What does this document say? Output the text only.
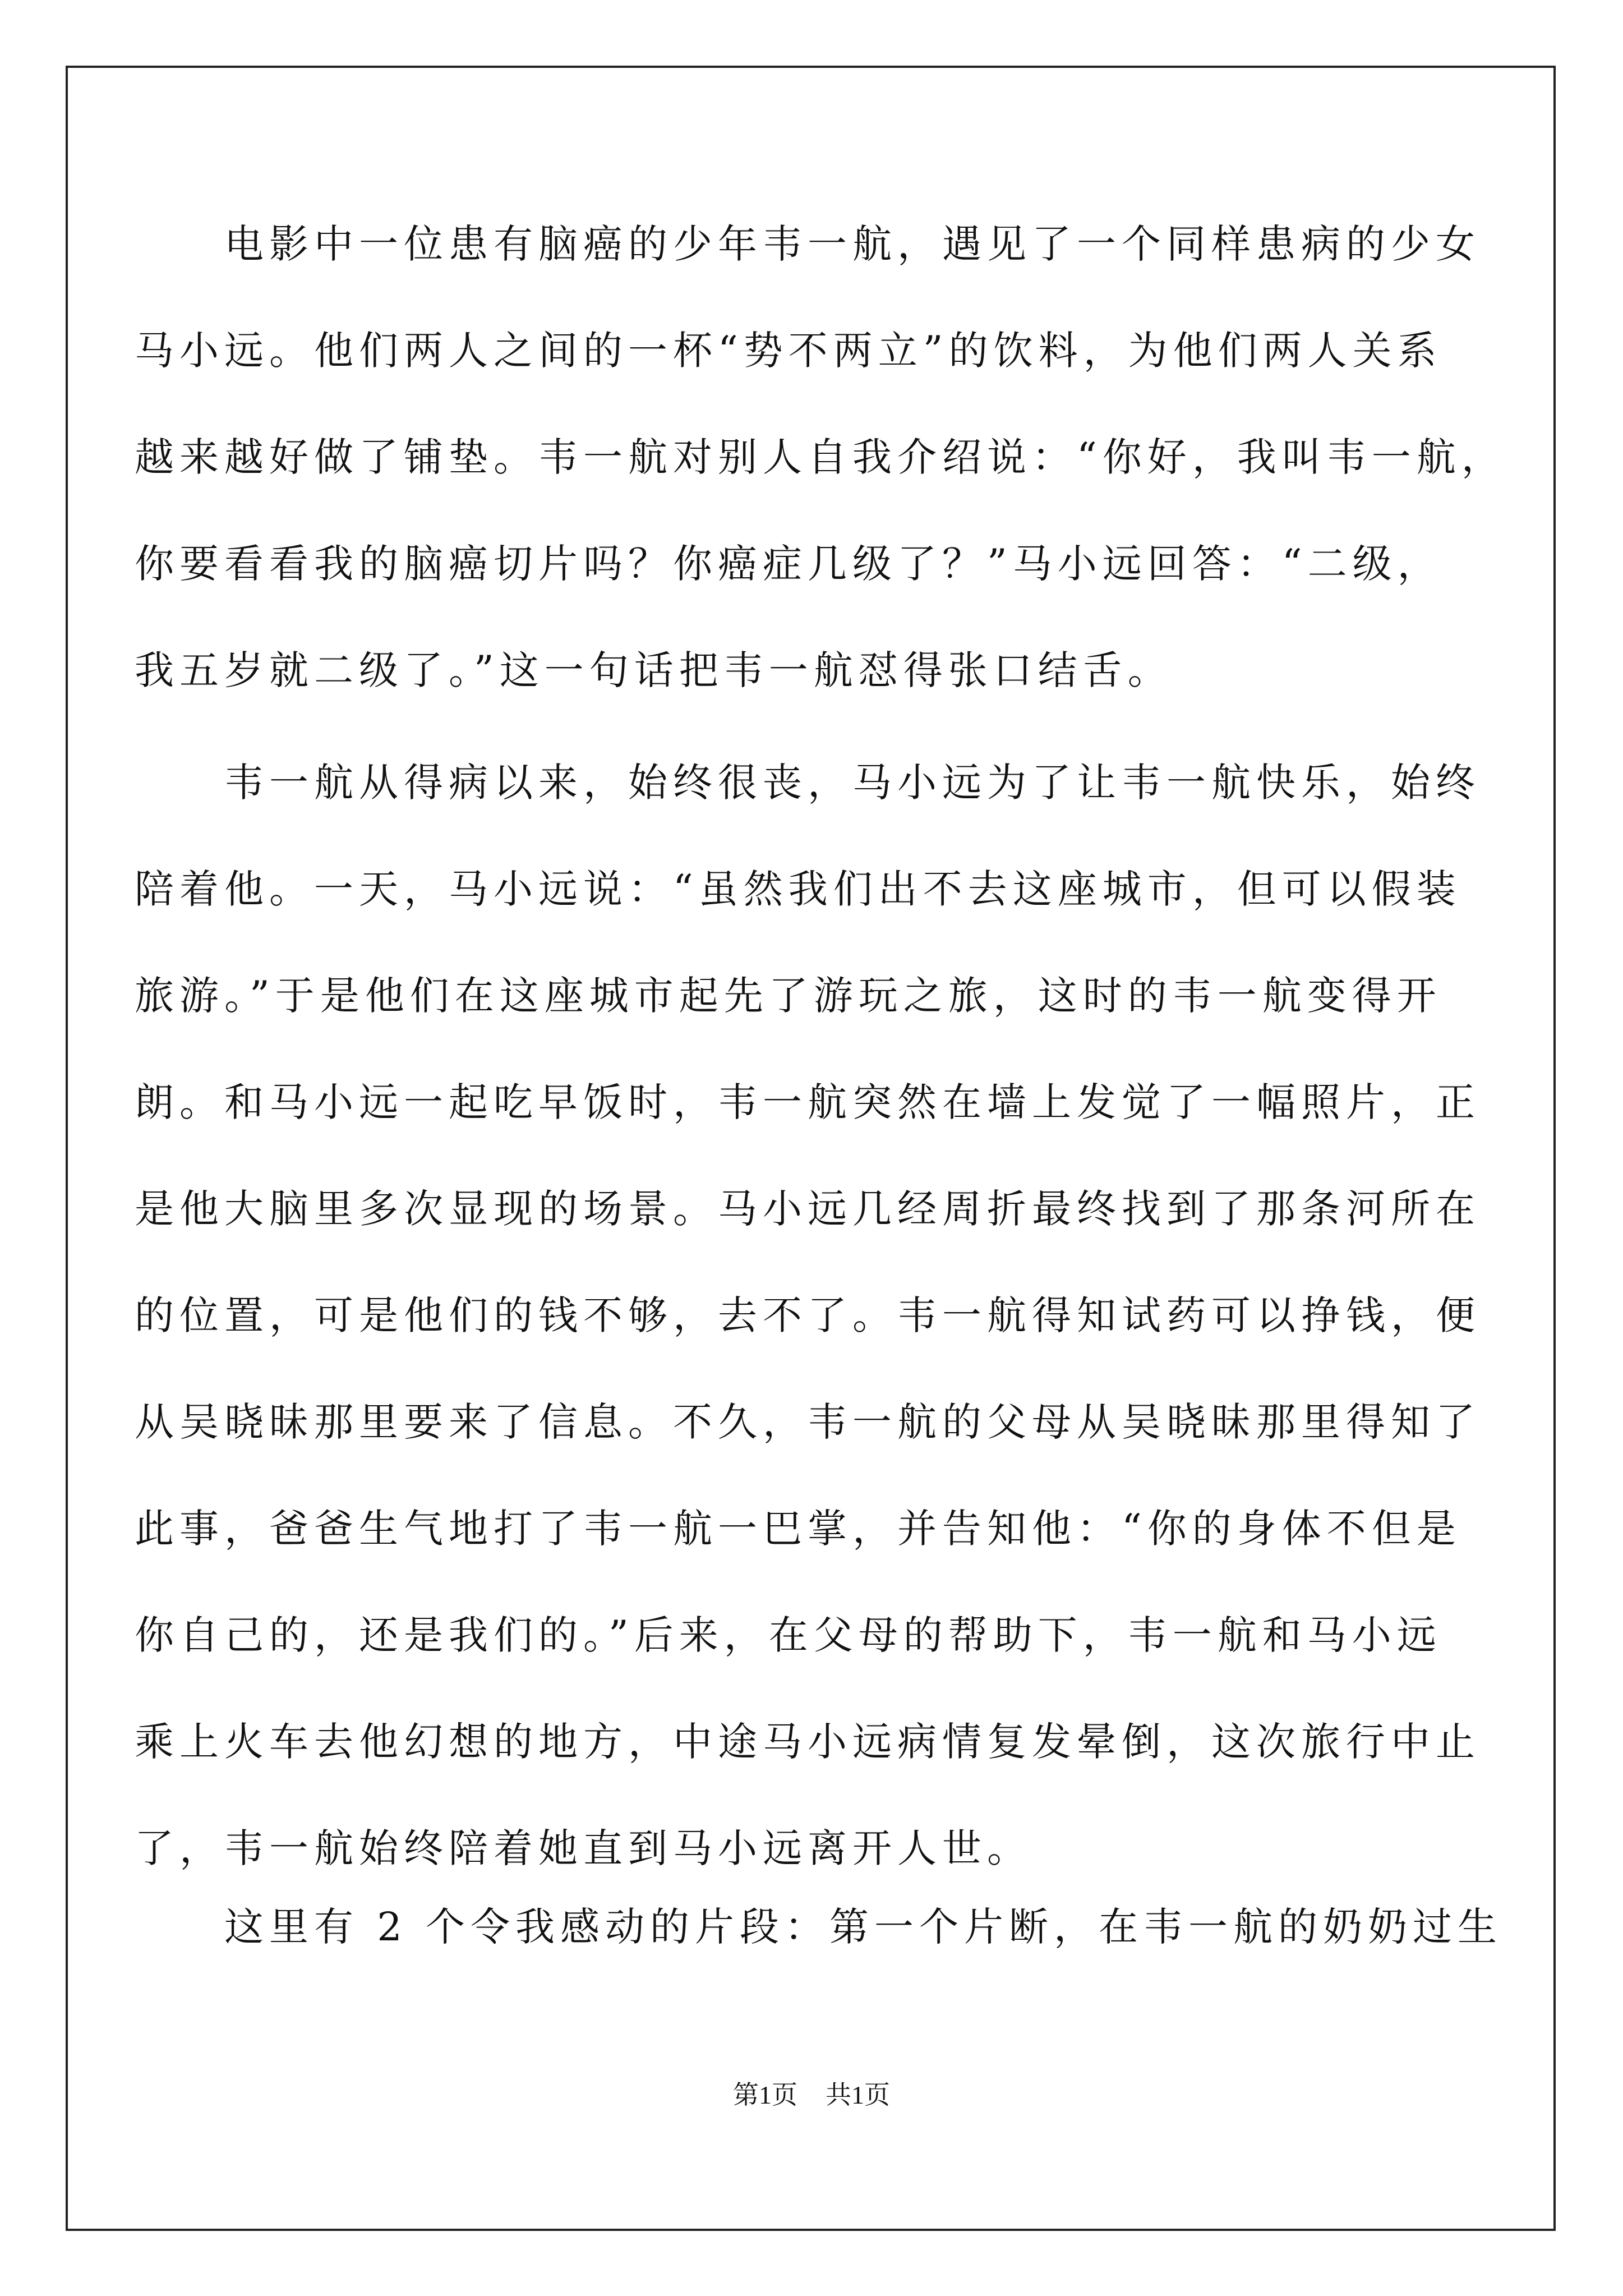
　　电影中一位患有脑癌的少年韦一航，遇见了一个同样患病的少女
马小远。他们两人之间的一杯“势不两立”的饮料，为他们两人关系
越来越好做了铺垫。韦一航对别人自我介绍说：“你好，我叫韦一航，
你要看看我的脑癌切片吗？你癌症几级了？”马小远回答：“二级，
我五岁就二级了。”这一句话把韦一航怼得张口结舌。
　　韦一航从得病以来，始终很丧，马小远为了让韦一航快乐，始终
陪着他。一天，马小远说：“虽然我们出不去这座城市，但可以假装
旅游。”于是他们在这座城市起先了游玩之旅，这时的韦一航变得开
朗。和马小远一起吃早饭时，韦一航突然在墙上发觉了一幅照片，正
是他大脑里多次显现的场景。马小远几经周折最终找到了那条河所在
的位置，可是他们的钱不够，去不了。韦一航得知试药可以挣钱，便
从吴晓昧那里要来了信息。不久，韦一航的父母从吴晓昧那里得知了
此事，爸爸生气地打了韦一航一巴掌，并告知他：“你的身体不但是
你自己的，还是我们的。”后来，在父母的帮助下，韦一航和马小远
乘上火车去他幻想的地方，中途马小远病情复发晕倒，这次旅行中止
了，韦一航始终陪着她直到马小远离开人世。
　　这里有 2 个令我感动的片段：第一个片断，在韦一航的奶奶过生
第1页 共1页
